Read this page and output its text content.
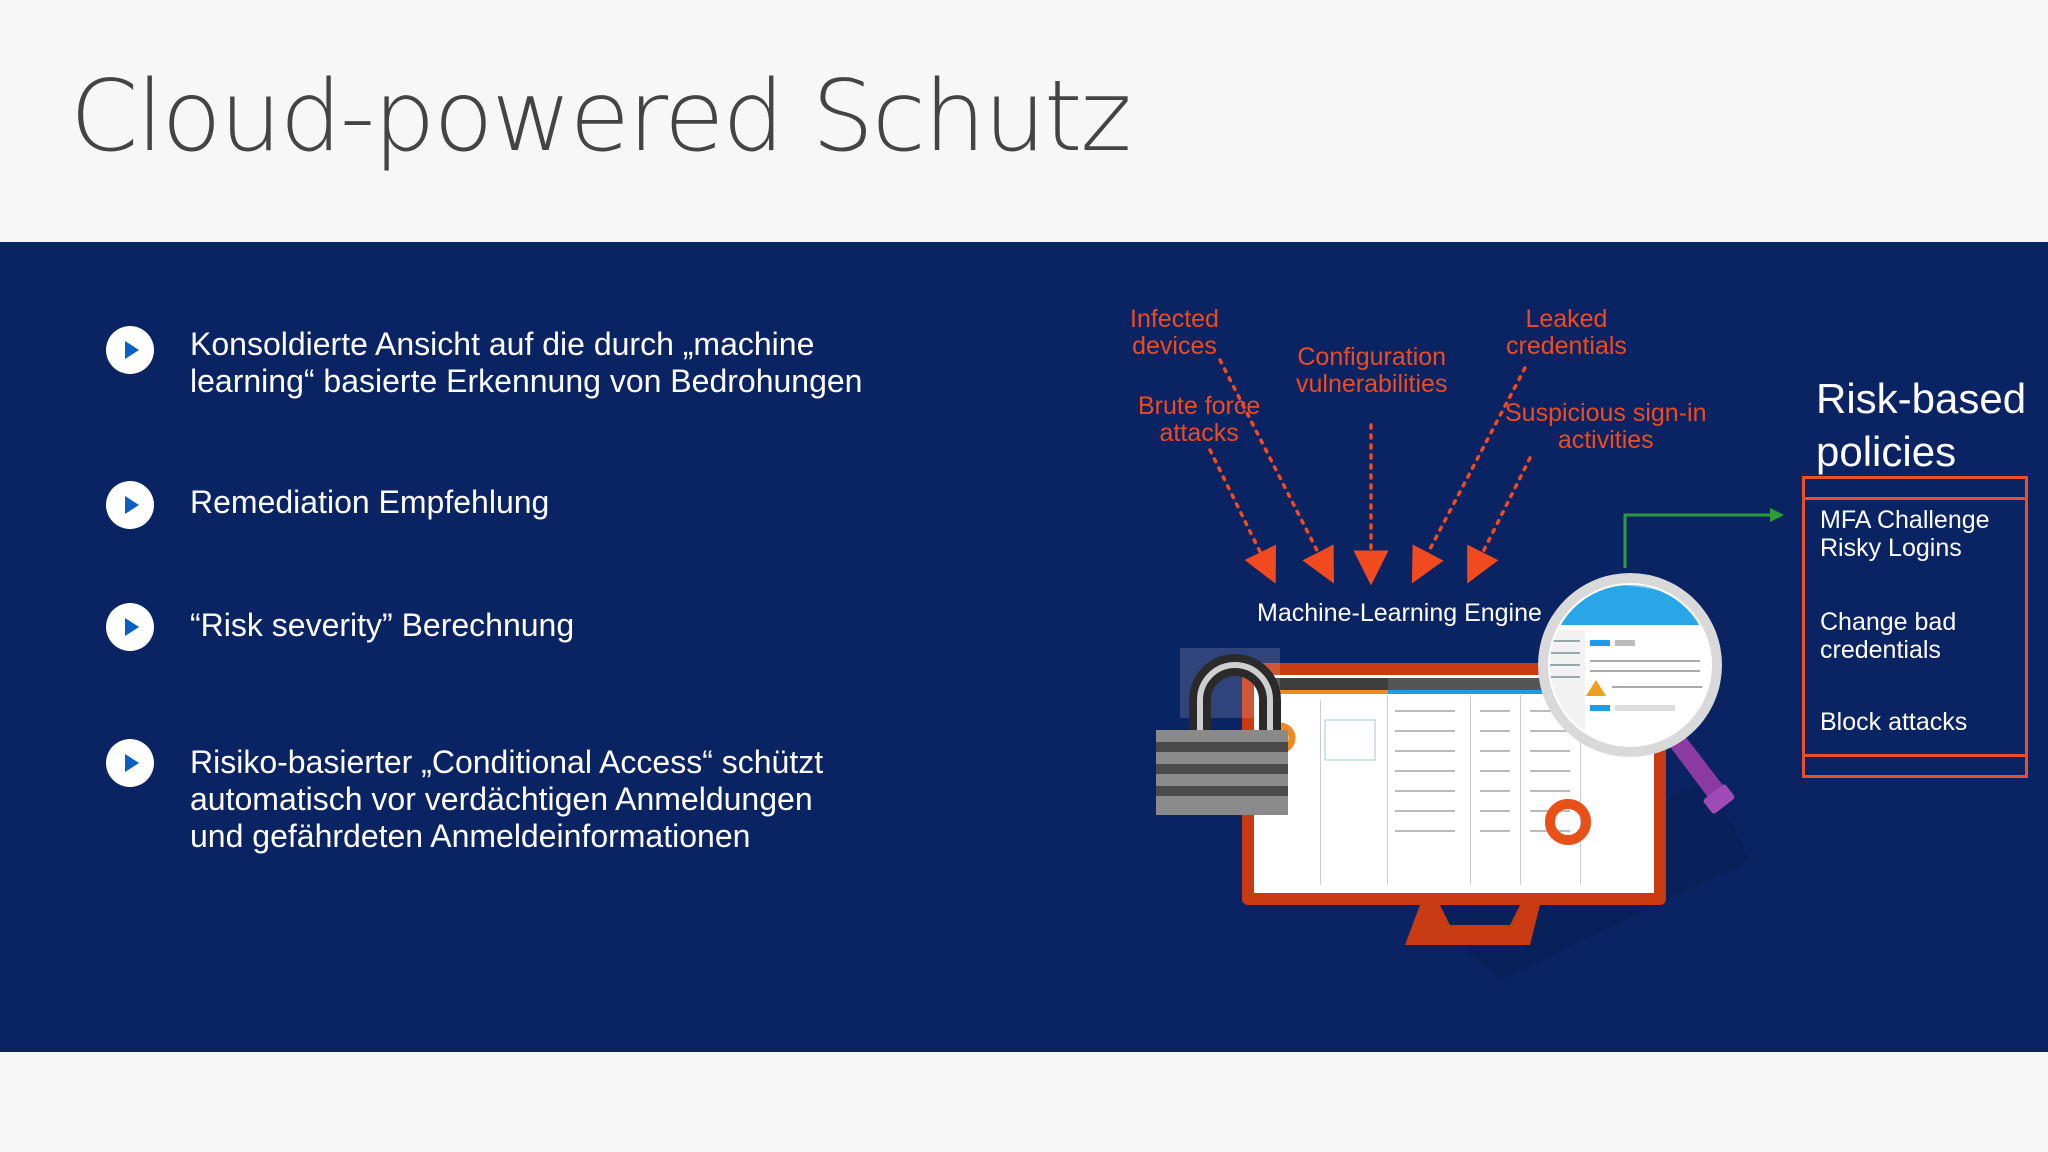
Cloud-powered Schutz
Konsoldierte Ansicht auf die durch „machine
learning“ basierte Erkennung von Bedrohungen
Remediation Empfehlung
“Risk severity” Berechnung
Risiko-basierter „Conditional Access“ schützt
automatisch vor verdächtigen Anmeldungen
und gefährdeten Anmeldeinformationen
Infected
devices
Brute force
attacks
Configuration
vulnerabilities
Leaked
credentials
Suspicious sign-in
activities
Machine-Learning Engine
Risk-based
policies
MFA Challenge
Risky Logins
Change bad
credentials
Block attacks
